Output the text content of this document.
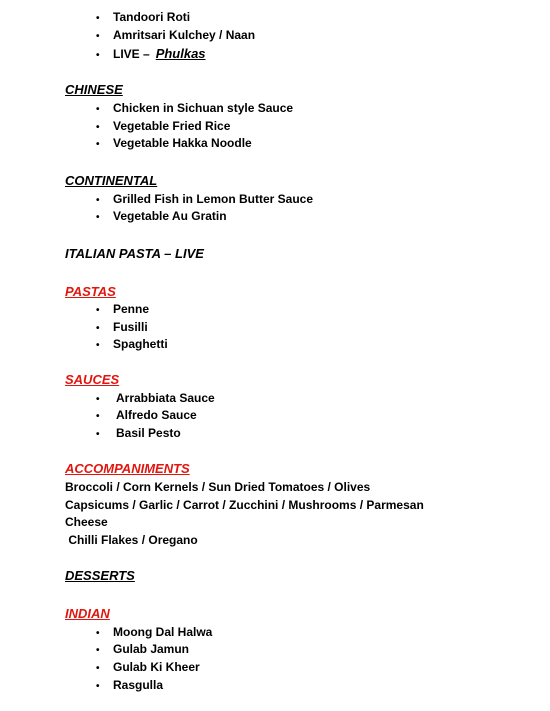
• Tandoori Roti
• Amritsari Kulchey / Naan
• LIVE – Phulkas
CHINESE
• Chicken in Sichuan style Sauce
• Vegetable Fried Rice
• Vegetable Hakka Noodle
CONTINENTAL
• Grilled Fish in Lemon Butter Sauce
• Vegetable Au Gratin
ITALIAN PASTA – LIVE
PASTAS
• Penne
• Fusilli
• Spaghetti
SAUCES
• Arrabbiata Sauce
• Alfredo Sauce
• Basil Pesto
ACCOMPANIMENTS
Broccoli / Corn Kernels / Sun Dried Tomatoes / Olives
Capsicums / Garlic / Carrot / Zucchini / Mushrooms / Parmesan
Cheese
Chilli Flakes / Oregano
DESSERTS
INDIAN
• Moong Dal Halwa
• Gulab Jamun
• Gulab Ki Kheer
• Rasgulla
